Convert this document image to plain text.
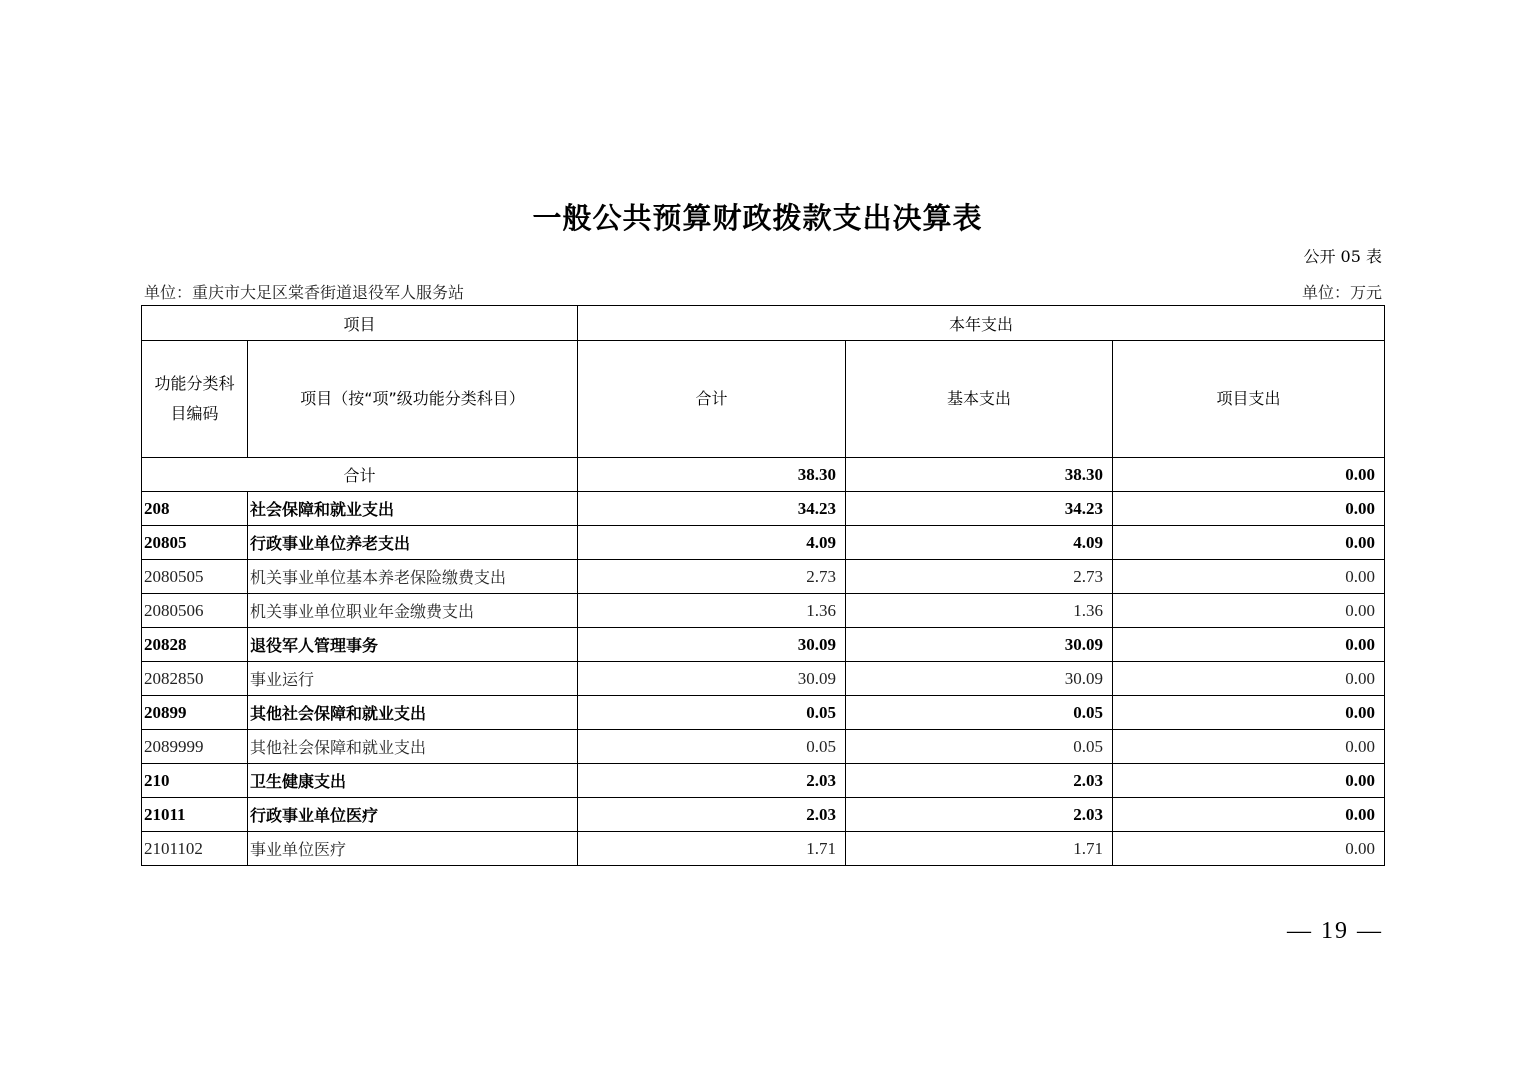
一般公共预算财政拨款支出决算表
公开 05 表
单位：重庆市大足区棠香街道退役军人服务站	单位：万元
项目		本年支出		
功能分类科目编码	项目（按“项”级功能分类科目）	合计	基本支出	项目支出
合计		38.30	38.30	0.00
208	社会保障和就业支出	34.23	34.23	0.00
20805	行政事业单位养老支出	4.09	4.09	0.00
2080505	机关事业单位基本养老保险缴费支出	2.73	2.73	0.00
2080506	机关事业单位职业年金缴费支出	1.36	1.36	0.00
20828	退役军人管理事务	30.09	30.09	0.00
2082850	事业运行	30.09	30.09	0.00
20899	其他社会保障和就业支出	0.05	0.05	0.00
2089999	其他社会保障和就业支出	0.05	0.05	0.00
210	卫生健康支出	2.03	2.03	0.00
21011	行政事业单位医疗	2.03	2.03	0.00
2101102	事业单位医疗	1.71	1.71	0.00
— 19 —
